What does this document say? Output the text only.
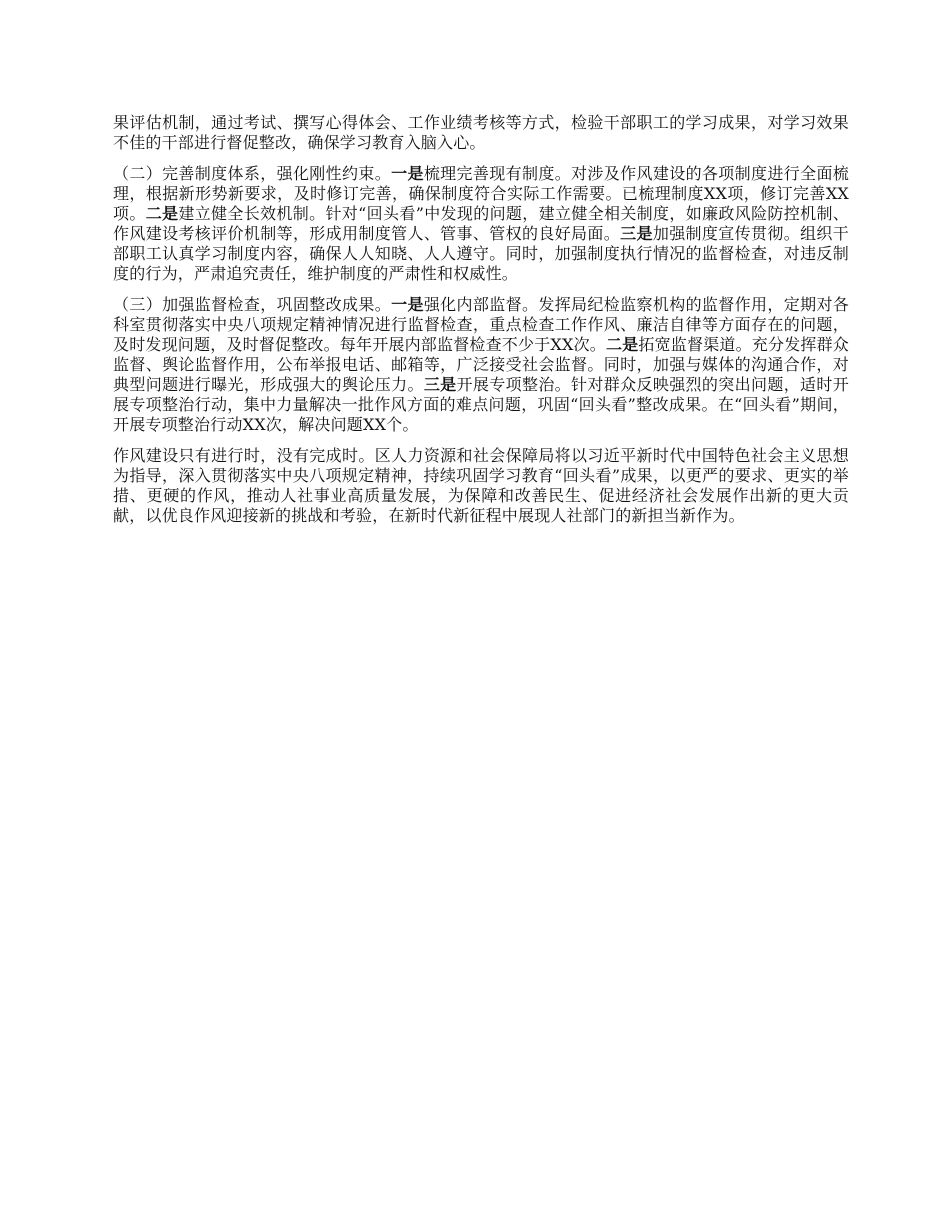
果评估机制，通过考试、撰写心得体会、工作业绩考核等方式，检验干部职工的学习成果，对学习效果不佳的干部进行督促整改，确保学习教育入脑入心。

（二）完善制度体系，强化刚性约束。一是梳理完善现有制度。对涉及作风建设的各项制度进行全面梳理，根据新形势新要求，及时修订完善，确保制度符合实际工作需要。已梳理制度XX项，修订完善XX项。二是建立健全长效机制。针对“回头看”中发现的问题，建立健全相关制度，如廉政风险防控机制、作风建设考核评价机制等，形成用制度管人、管事、管权的良好局面。三是加强制度宣传贯彻。组织干部职工认真学习制度内容，确保人人知晓、人人遵守。同时，加强制度执行情况的监督检查，对违反制度的行为，严肃追究责任，维护制度的严肃性和权威性。

（三）加强监督检查，巩固整改成果。一是强化内部监督。发挥局纪检监察机构的监督作用，定期对各科室贯彻落实中央八项规定精神情况进行监督检查，重点检查工作作风、廉洁自律等方面存在的问题，及时发现问题，及时督促整改。每年开展内部监督检查不少于XX次。二是拓宽监督渠道。充分发挥群众监督、舆论监督作用，公布举报电话、邮箱等，广泛接受社会监督。同时，加强与媒体的沟通合作，对典型问题进行曝光，形成强大的舆论压力。三是开展专项整治。针对群众反映强烈的突出问题，适时开展专项整治行动，集中力量解决一批作风方面的难点问题，巩固“回头看”整改成果。在“回头看”期间，开展专项整治行动XX次，解决问题XX个。

作风建设只有进行时，没有完成时。区人力资源和社会保障局将以习近平新时代中国特色社会主义思想为指导，深入贯彻落实中央八项规定精神，持续巩固学习教育“回头看”成果，以更严的要求、更实的举措、更硬的作风，推动人社事业高质量发展，为保障和改善民生、促进经济社会发展作出新的更大贡献，以优良作风迎接新的挑战和考验，在新时代新征程中展现人社部门的新担当新作为。
